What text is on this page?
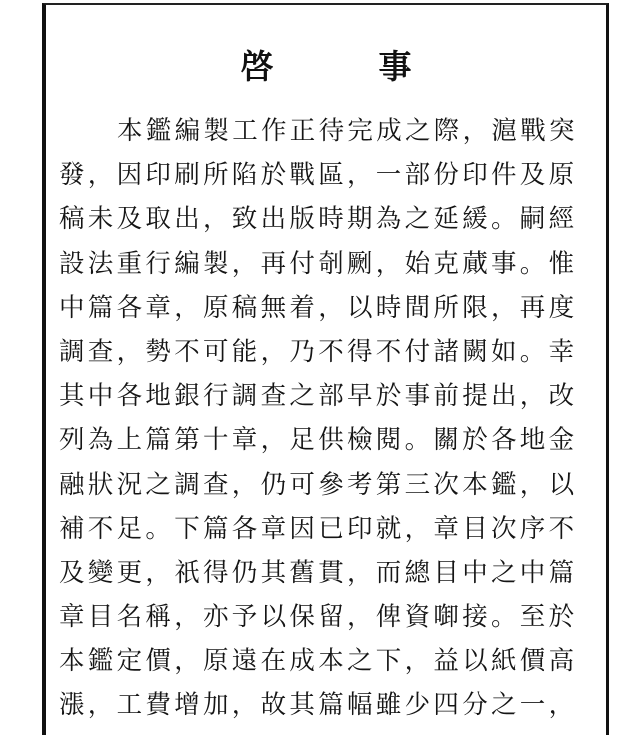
啓　事
本鑑編製工作正待完成之際，滬戰突
發，因印刷所陷於戰區，一部份印件及原
稿未及取出，致出版時期為之延緩。嗣經
設法重行編製，再付剞劂，始克蕆事。惟
中篇各章，原稿無着，以時間所限，再度
調查，勢不可能，乃不得不付諸闕如。幸
其中各地銀行調查之部早於事前提出，改
列為上篇第十章，足供檢閱。關於各地金
融狀況之調查，仍可參考第三次本鑑，以
補不足。下篇各章因已印就，章目次序不
及變更，祇得仍其舊貫，而總目中之中篇
章目名稱，亦予以保留，俾資啣接。至於
本鑑定價，原遠在成本之下，益以紙價高
漲，工費增加，故其篇幅雖少四分之一，
